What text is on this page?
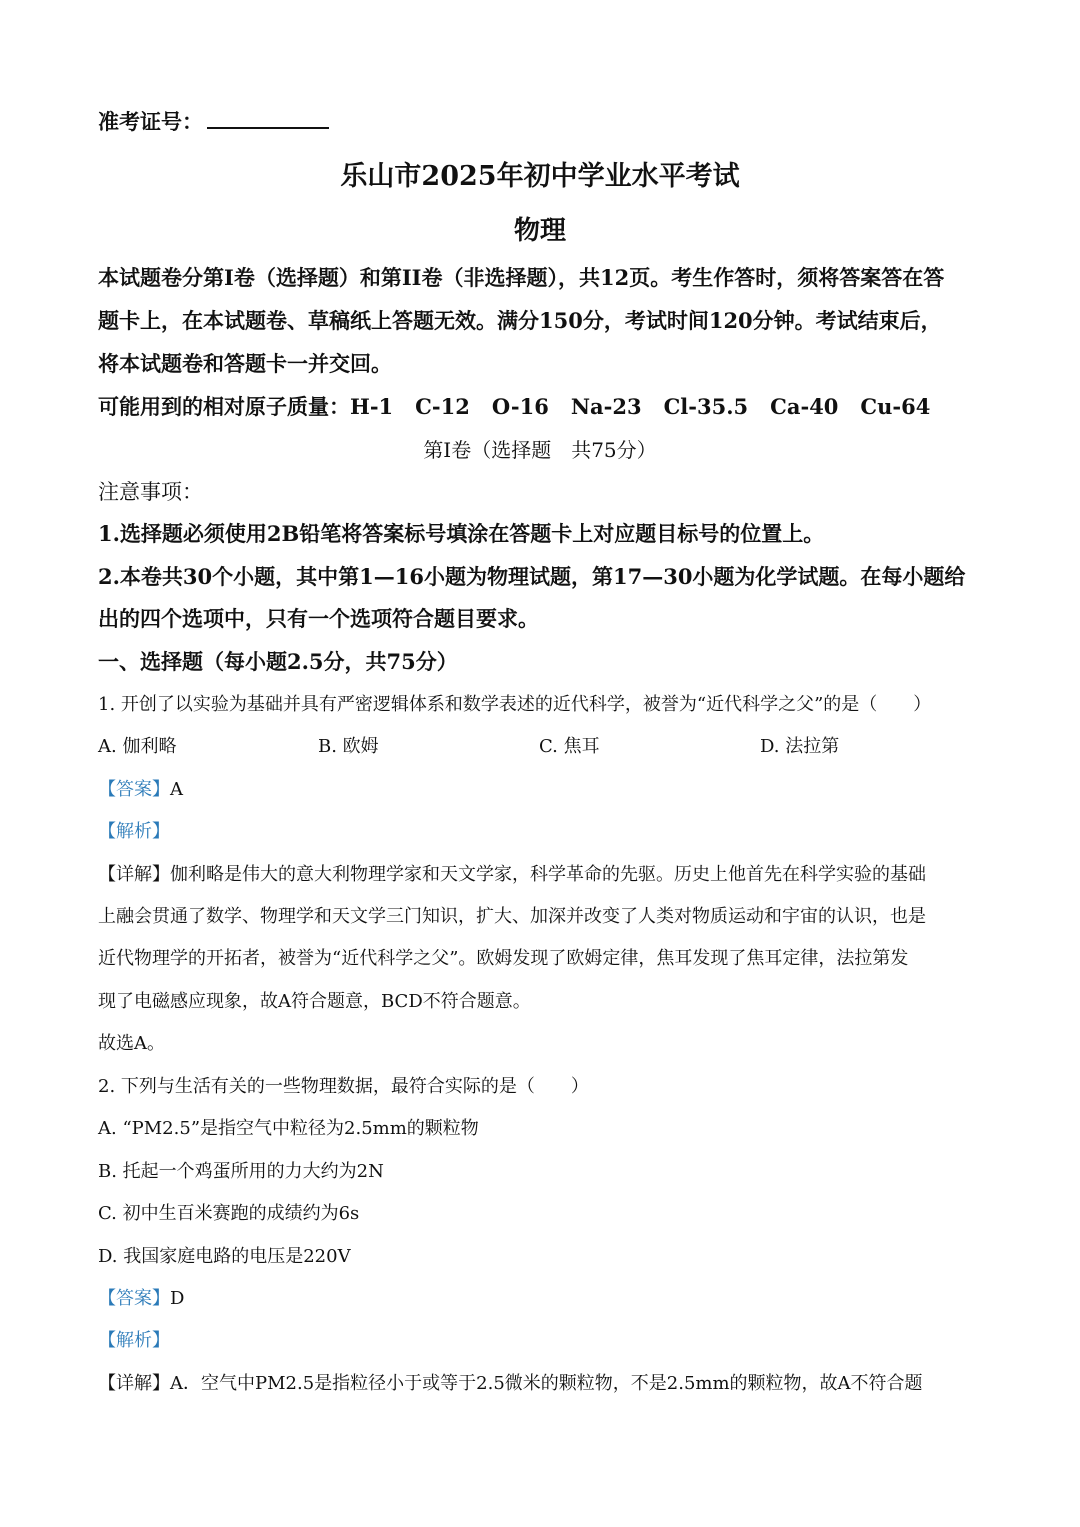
准考证号：
乐山市2025年初中学业水平考试
物理
本试题卷分第I卷（选择题）和第II卷（非选择题），共12页。考生作答时，须将答案答在答
题卡上，在本试题卷、草稿纸上答题无效。满分150分，考试时间120分钟。考试结束后，
将本试题卷和答题卡一并交回。
可能用到的相对原子质量：H-1 C-12 O-16 Na-23 Cl-35.5 Ca-40 Cu-64
第Ⅰ卷（选择题　共75分）
注意事项：
1.选择题必须使用2B铅笔将答案标号填涂在答题卡上对应题目标号的位置上。
2.本卷共30个小题，其中第1—16小题为物理试题，第17—30小题为化学试题。在每小题给
出的四个选项中，只有一个选项符合题目要求。
一、选择题（每小题2.5分，共75分）
1. 开创了以实验为基础并具有严密逻辑体系和数学表述的近代科学，被誉为“近代科学之父”的是（　　）
A. 伽利略	B. 欧姆	C. 焦耳	D. 法拉第
【答案】A
【解析】
【详解】伽利略是伟大的意大利物理学家和天文学家，科学革命的先驱。历史上他首先在科学实验的基础
上融会贯通了数学、物理学和天文学三门知识，扩大、加深并改变了人类对物质运动和宇宙的认识，也是
近代物理学的开拓者，被誉为“近代科学之父”。欧姆发现了欧姆定律，焦耳发现了焦耳定律，法拉第发
现了电磁感应现象，故A符合题意，BCD不符合题意。
故选A。
2. 下列与生活有关的一些物理数据，最符合实际的是（　　）
A. “PM2.5”是指空气中粒径为2.5mm的颗粒物
B. 托起一个鸡蛋所用的力大约为2N
C. 初中生百米赛跑的成绩约为6s
D. 我国家庭电路的电压是220V
【答案】D
【解析】
【详解】A．空气中PM2.5是指粒径小于或等于2.5微米的颗粒物，不是2.5mm的颗粒物，故A不符合题
